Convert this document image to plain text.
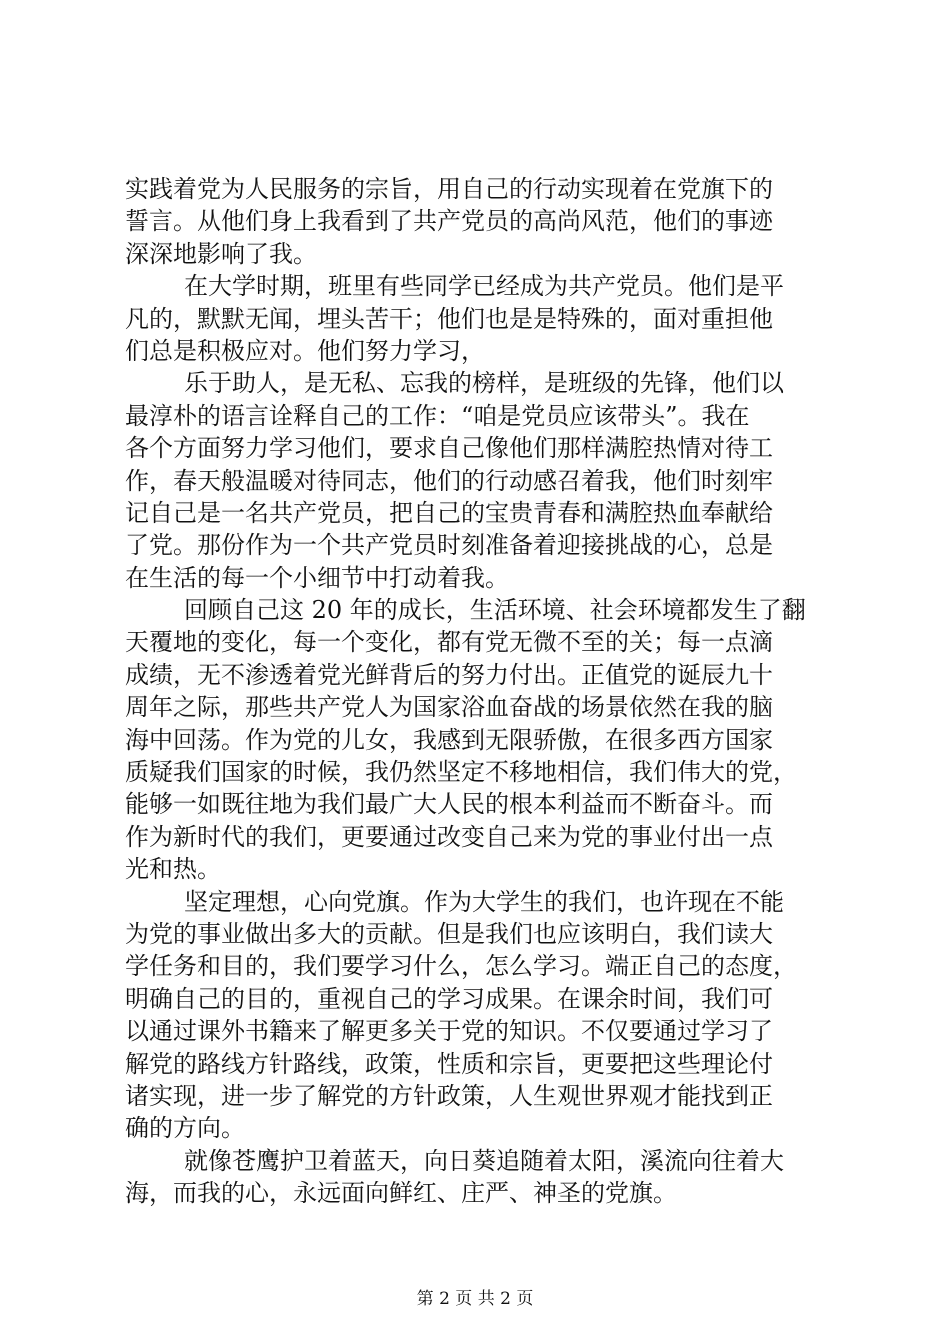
实践着党为人民服务的宗旨，用自己的行动实现着在党旗下的
誓言。从他们身上我看到了共产党员的高尚风范，他们的事迹
深深地影响了我。
在大学时期，班里有些同学已经成为共产党员。他们是平
凡的，默默无闻，埋头苦干；他们也是是特殊的，面对重担他
们总是积极应对。他们努力学习，
乐于助人，是无私、忘我的榜样，是班级的先锋，他们以
最淳朴的语言诠释自己的工作：“咱是党员应该带头”。我在
各个方面努力学习他们，要求自己像他们那样满腔热情对待工
作，春天般温暖对待同志，他们的行动感召着我，他们时刻牢
记自己是一名共产党员，把自己的宝贵青春和满腔热血奉献给
了党。那份作为一个共产党员时刻准备着迎接挑战的心，总是
在生活的每一个小细节中打动着我。
回顾自己这 20 年的成长，生活环境、社会环境都发生了翻
天覆地的变化，每一个变化，都有党无微不至的关；每一点滴
成绩，无不渗透着党光鲜背后的努力付出。正值党的诞辰九十
周年之际，那些共产党人为国家浴血奋战的场景依然在我的脑
海中回荡。作为党的儿女，我感到无限骄傲，在很多西方国家
质疑我们国家的时候，我仍然坚定不移地相信，我们伟大的党，
能够一如既往地为我们最广大人民的根本利益而不断奋斗。而
作为新时代的我们，更要通过改变自己来为党的事业付出一点
光和热。
坚定理想，心向党旗。作为大学生的我们，也许现在不能
为党的事业做出多大的贡献。但是我们也应该明白，我们读大
学任务和目的，我们要学习什么，怎么学习。端正自己的态度，
明确自己的目的，重视自己的学习成果。在课余时间，我们可
以通过课外书籍来了解更多关于党的知识。不仅要通过学习了
解党的路线方针路线，政策，性质和宗旨，更要把这些理论付
诸实现，进一步了解党的方针政策，人生观世界观才能找到正
确的方向。
就像苍鹰护卫着蓝天，向日葵追随着太阳，溪流向往着大
海，而我的心，永远面向鲜红、庄严、神圣的党旗。
第 2 页 共 2 页
